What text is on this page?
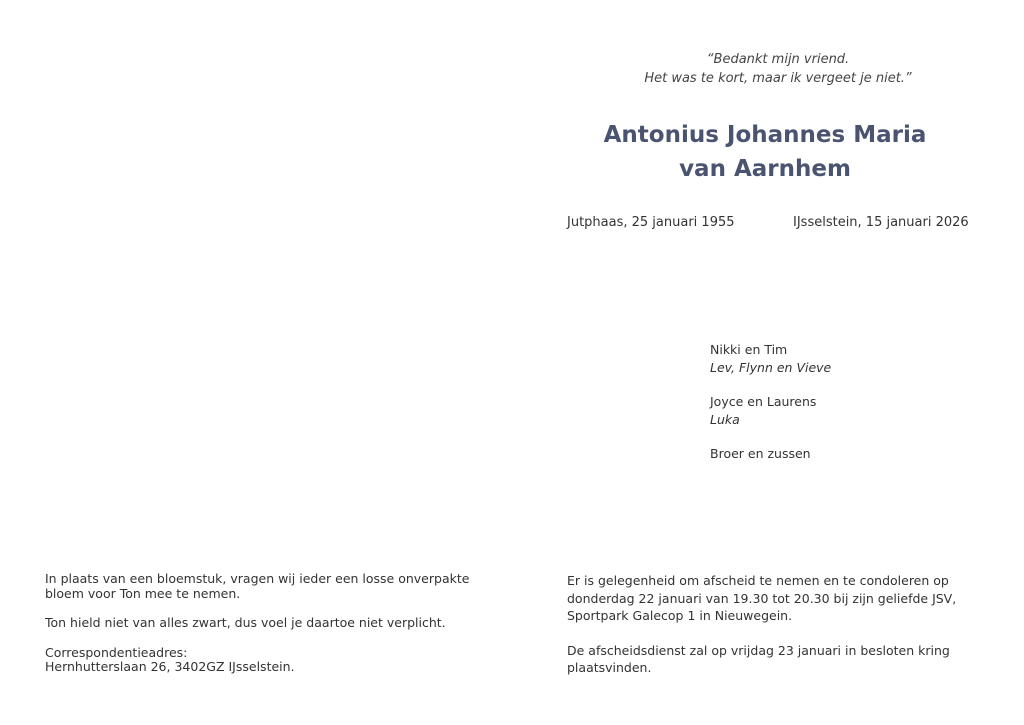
“Bedankt mijn vriend.
Het was te kort, maar ik vergeet je niet.”
Antonius Johannes Maria
van Aarnhem
Jutphaas, 25 januari 1955	IJsselstein, 15 januari 2026
Nikki en Tim
Lev, Flynn en Vieve
Joyce en Laurens
Luka
Broer en zussen
In plaats van een bloemstuk, vragen wij ieder een losse onverpakte
bloem voor Ton mee te nemen.
Ton hield niet van alles zwart, dus voel je daartoe niet verplicht.
Correspondentieadres:
Hernhutterslaan 26, 3402GZ IJsselstein.
Er is gelegenheid om afscheid te nemen en te condoleren op
donderdag 22 januari van 19.30 tot 20.30 bij zijn geliefde JSV,
Sportpark Galecop 1 in Nieuwegein.
De afscheidsdienst zal op vrijdag 23 januari in besloten kring
plaatsvinden.
